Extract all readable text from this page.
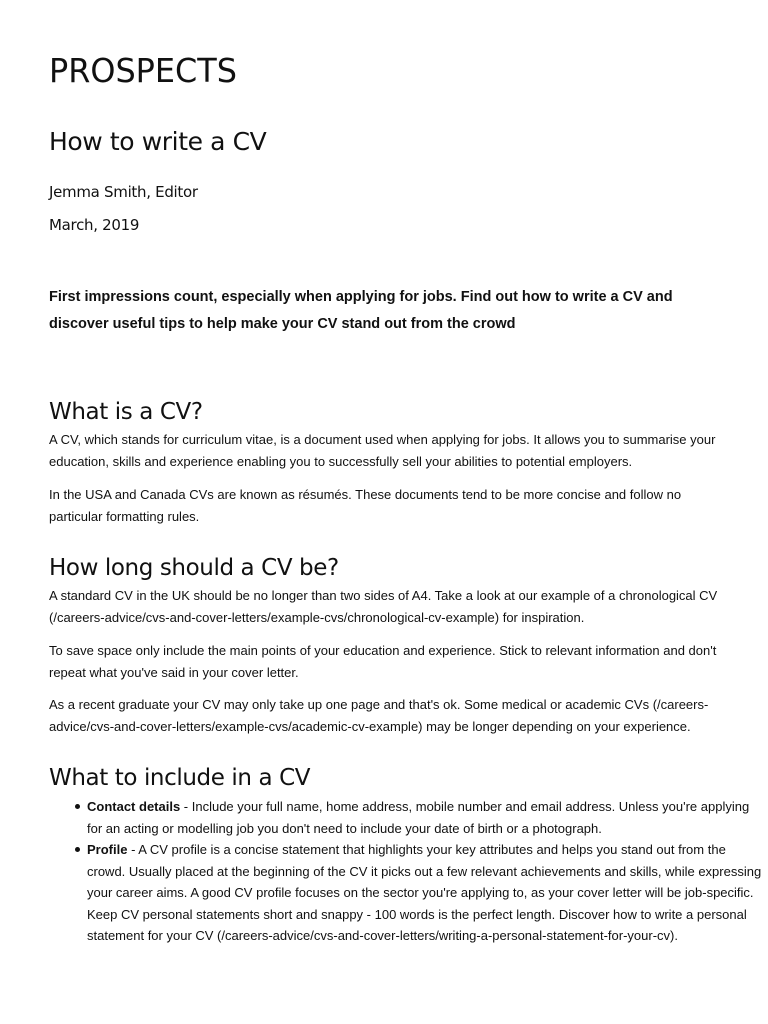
PROSPECTS
How to write a CV

Jemma Smith, Editor

March, 2019

First impressions count, especially when applying for jobs. Find out how to write a CV and discover useful tips to help make your CV stand out from the crowd

What is a CV?

A CV, which stands for curriculum vitae, is a document used when applying for jobs. It allows you to summarise your education, skills and experience enabling you to successfully sell your abilities to potential employers.

In the USA and Canada CVs are known as résumés. These documents tend to be more concise and follow no particular formatting rules.

How long should a CV be?

A standard CV in the UK should be no longer than two sides of A4. Take a look at our example of a chronological CV (/careers-advice/cvs-and-cover-letters/example-cvs/chronological-cv-example) for inspiration.

To save space only include the main points of your education and experience. Stick to relevant information and don't repeat what you've said in your cover letter.

As a recent graduate your CV may only take up one page and that's ok. Some medical or academic CVs (/careers-advice/cvs-and-cover-letters/example-cvs/academic-cv-example) may be longer depending on your experience.

What to include in a CV
Contact details - Include your full name, home address, mobile number and email address. Unless you're applying for an acting or modelling job you don't need to include your date of birth or a photograph.
Profile - A CV profile is a concise statement that highlights your key attributes and helps you stand out from the crowd. Usually placed at the beginning of the CV it picks out a few relevant achievements and skills, while expressing your career aims. A good CV profile focuses on the sector you're applying to, as your cover letter will be job-specific. Keep CV personal statements short and snappy - 100 words is the perfect length. Discover how to write a personal statement for your CV (/careers-advice/cvs-and-cover-letters/writing-a-personal-statement-for-your-cv).
